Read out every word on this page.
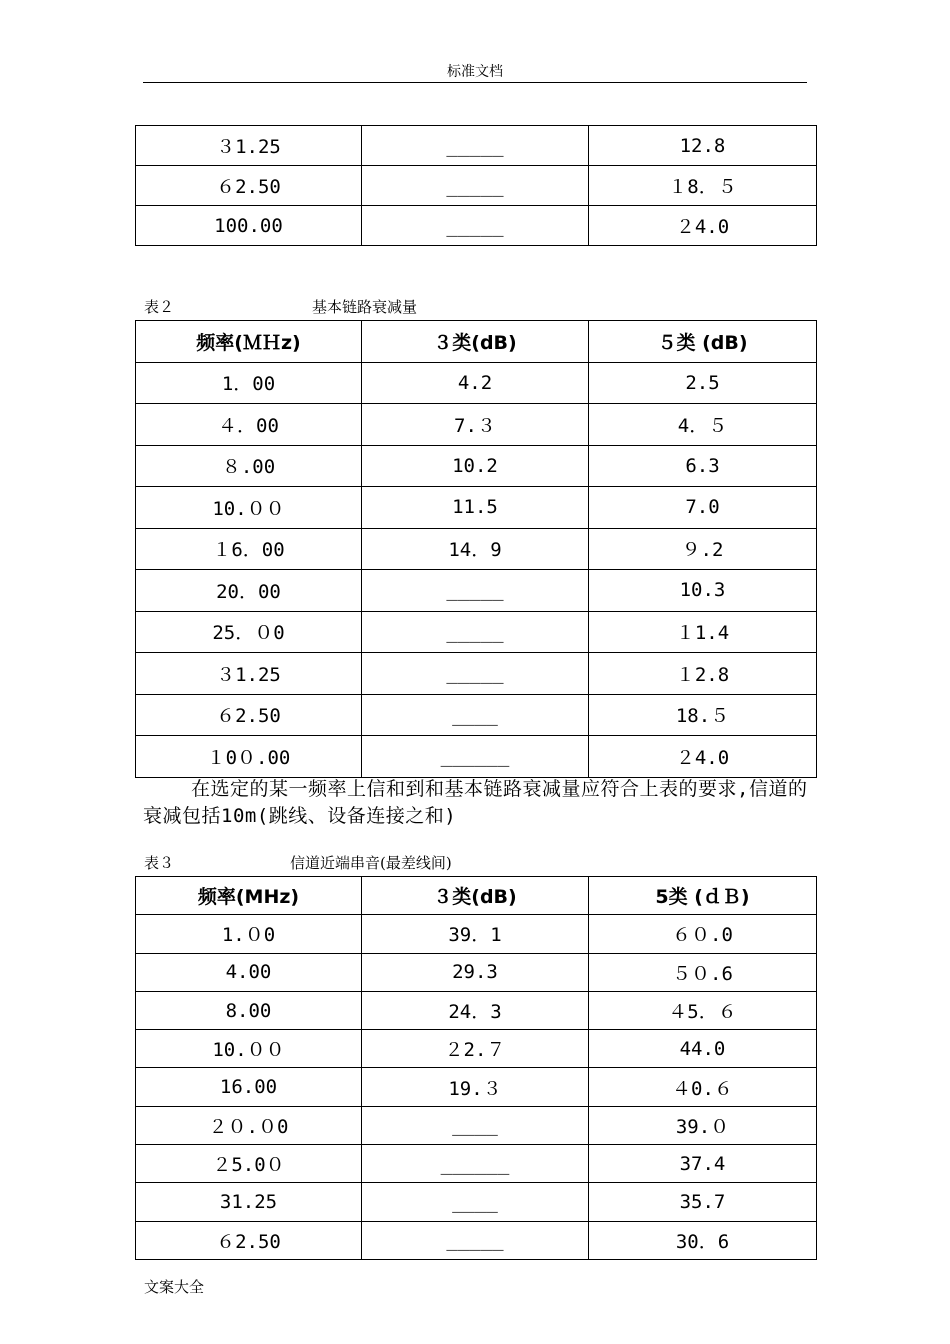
标准文档
３1.25	_____	12.8
６2.50	_____	１8．５
100.00	_____	２4.0
表２	基本链路衰减量
频率(ＭＨz)	３类(dB)	５类 (dB)
1．00	4.2	2.5
４．00	7.３	4．５
８.00	10.2	6.3
10.００	11.5	7.0
１6．00	14．9	９.2
20．00	_____	10.3
25．０0	_____	１1.4
３1.25	_____	１2.8
６2.50	____	18.５
１0０.00	______	２4.0
在选定的某一频率上信和到和基本链路衰减量应符合上表的要求,信道的衰减包括10m(跳线、设备连接之和)
表３	信道近端串音(最差线间)
频率(MHz)	３类(dB)	5类 (ｄＢ)
1.０0	39．1	６０.0
4.00	29.3	５０.6
8.00	24．3	４5．６
10.００	２2.７	44.0
16.00	19.３	４0.６
２０.０0	____	39.０
２5.0０	______	37.4
31.25	____	35.7
６2.50	_____	30．6
文案大全
